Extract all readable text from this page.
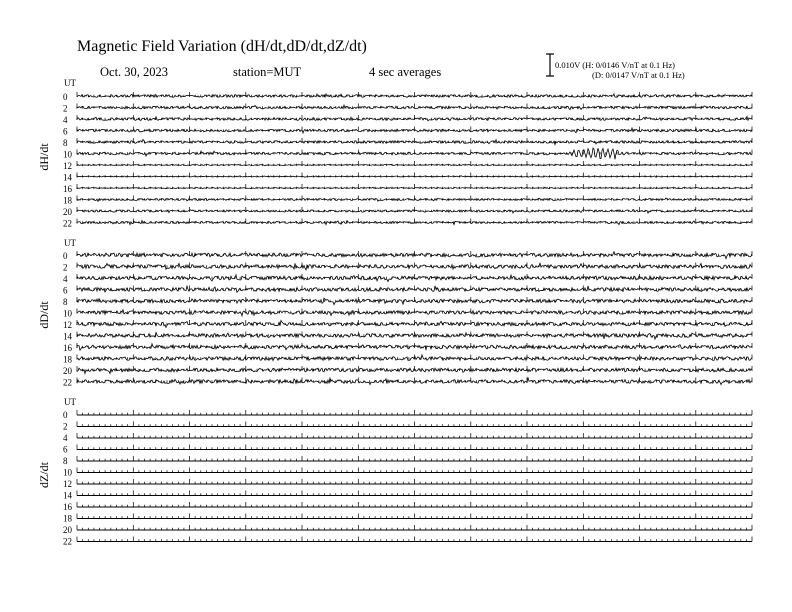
Magnetic Field Variation (dH/dt,dD/dt,dZ/dt)
Oct. 30, 2023	station=MUT	4 sec averages	0.010V (H: 0/0146 V/nT at 0.1 Hz)
(D: 0/0147 V/nT at 0.1 Hz)
UT
dH/dt
0
2
4
6
8
10
12
14
16
18
20
22
UT
dD/dt
0
2
4
6
8
10
12
14
16
18
20
22
UT
dZ/dt
0
2
4
6
8
10
12
14
16
18
20
22
